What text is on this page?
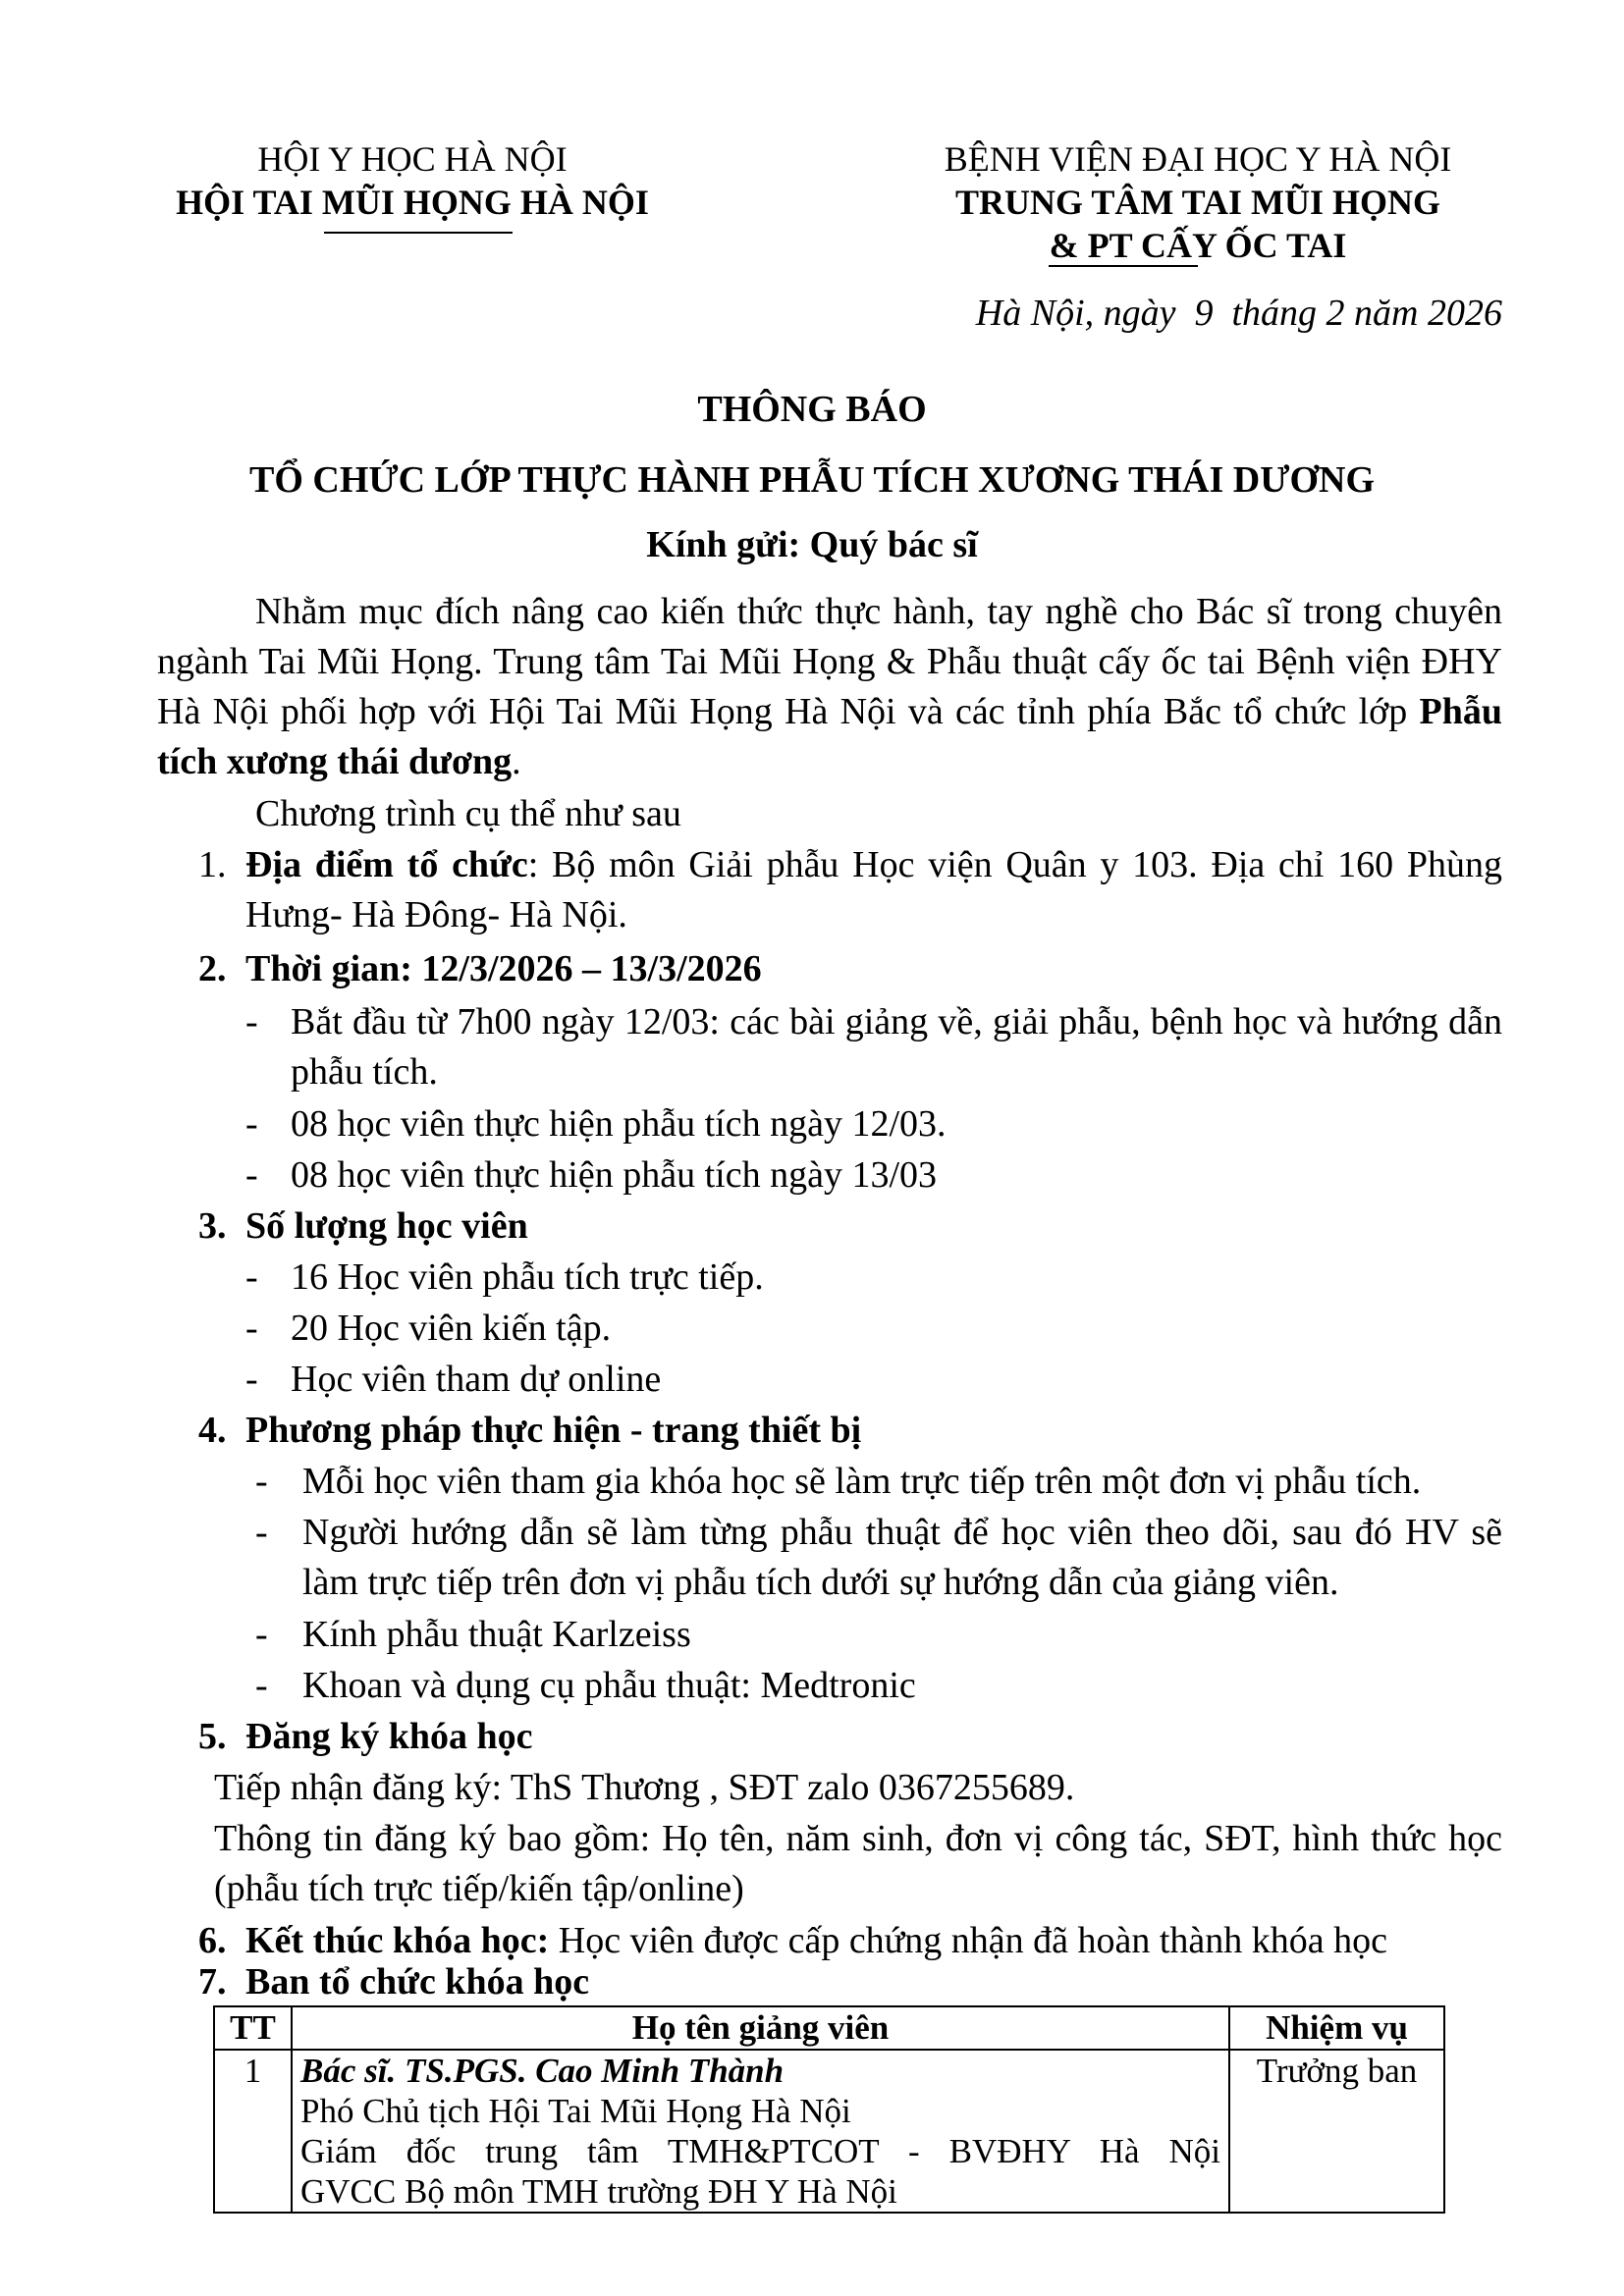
HỘI Y HỌC HÀ NỘI
HỘI TAI MŨI HỌNG HÀ NỘI
BỆNH VIỆN ĐẠI HỌC Y HÀ NỘI
TRUNG TÂM TAI MŨI HỌNG
& PT CẤY ỐC TAI
Hà Nội, ngày  9  tháng 2 năm 2026
THÔNG BÁO
TỔ CHỨC LỚP THỰC HÀNH PHẪU TÍCH XƯƠNG THÁI DƯƠNG
Kính gửi: Quý bác sĩ
Nhằm mục đích nâng cao kiến thức thực hành, tay nghề cho Bác sĩ trong chuyên ngành Tai Mũi Họng. Trung tâm Tai Mũi Họng & Phẫu thuật cấy ốc tai Bệnh viện ĐHY Hà Nội phối hợp với Hội Tai Mũi Họng Hà Nội và các tỉnh phía Bắc tổ chức lớp Phẫu tích xương thái dương.
Chương trình cụ thể như sau
1. Địa điểm tổ chức: Bộ môn Giải phẫu Học viện Quân y 103. Địa chỉ 160 Phùng Hưng- Hà Đông- Hà Nội.
2. Thời gian: 12/3/2026 – 13/3/2026
- Bắt đầu từ 7h00 ngày 12/03: các bài giảng về, giải phẫu, bệnh học và hướng dẫn phẫu tích.
- 08 học viên thực hiện phẫu tích ngày 12/03.
- 08 học viên thực hiện phẫu tích ngày 13/03
3. Số lượng học viên
- 16 Học viên phẫu tích trực tiếp.
- 20 Học viên kiến tập.
- Học viên tham dự online
4. Phương pháp thực hiện - trang thiết bị
- Mỗi học viên tham gia khóa học sẽ làm trực tiếp trên một đơn vị phẫu tích.
- Người hướng dẫn sẽ làm từng phẫu thuật để học viên theo dõi, sau đó HV sẽ làm trực tiếp trên đơn vị phẫu tích dưới sự hướng dẫn của giảng viên.
- Kính phẫu thuật Karlzeiss
- Khoan và dụng cụ phẫu thuật: Medtronic
5. Đăng ký khóa học
Tiếp nhận đăng ký: ThS Thương , SĐT zalo 0367255689.
Thông tin đăng ký bao gồm: Họ tên, năm sinh, đơn vị công tác, SĐT, hình thức học (phẫu tích trực tiếp/kiến tập/online)
6. Kết thúc khóa học: Học viên được cấp chứng nhận đã hoàn thành khóa học
7. Ban tổ chức khóa học
TT	Họ tên giảng viên	Nhiệm vụ
1	Bác sĩ. TS.PGS. Cao Minh Thành
Phó Chủ tịch Hội Tai Mũi Họng Hà Nội
Giám đốc trung tâm TMH&PTCOT - BVĐHY Hà Nội
GVCC Bộ môn TMH trường ĐH Y Hà Nội	Trưởng ban
